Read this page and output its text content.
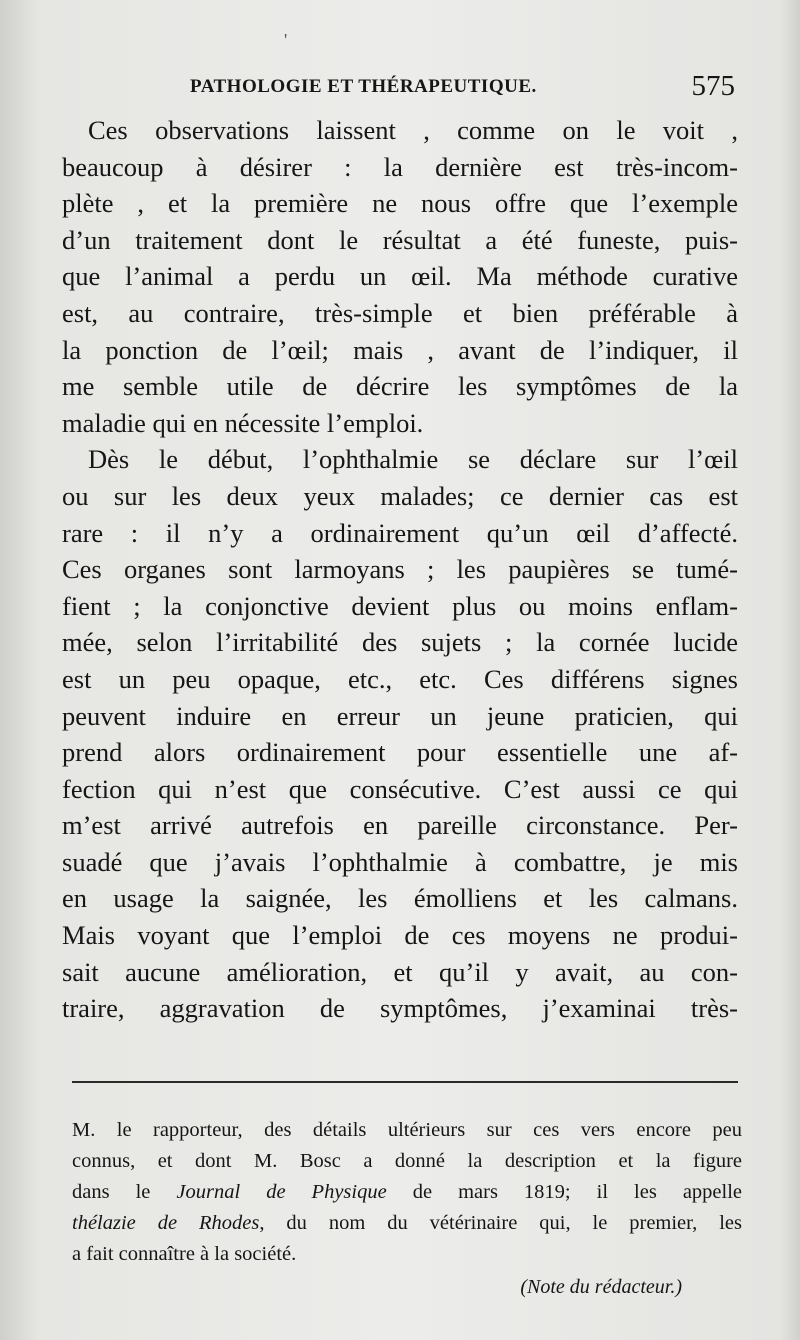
'
PATHOLOGIE ET THÉRAPEUTIQUE.	575
Ces observations laissent , comme on le voit ,
beaucoup à désirer : la dernière est très-incom-
plète , et la première ne nous offre que l’exemple
d’un traitement dont le résultat a été funeste, puis-
que l’animal a perdu un œil. Ma méthode curative
est, au contraire, très-simple et bien préférable à
la ponction de l’œil; mais , avant de l’indiquer, il
me semble utile de décrire les symptômes de la
maladie qui en nécessite l’emploi.
Dès le début, l’ophthalmie se déclare sur l’œil
ou sur les deux yeux malades; ce dernier cas est
rare : il n’y a ordinairement qu’un œil d’affecté.
Ces organes sont larmoyans ; les paupières se tumé-
fient ; la conjonctive devient plus ou moins enflam-
mée, selon l’irritabilité des sujets ; la cornée lucide
est un peu opaque, etc., etc. Ces différens signes
peuvent induire en erreur un jeune praticien, qui
prend alors ordinairement pour essentielle une af-
fection qui n’est que consécutive. C’est aussi ce qui
m’est arrivé autrefois en pareille circonstance. Per-
suadé que j’avais l’ophthalmie à combattre, je mis
en usage la saignée, les émolliens et les calmans.
Mais voyant que l’emploi de ces moyens ne produi-
sait aucune amélioration, et qu’il y avait, au con-
traire, aggravation de symptômes, j’examinai très-
M. le rapporteur, des détails ultérieurs sur ces vers encore peu
connus, et dont M. Bosc a donné la description et la figure
dans le Journal de Physique de mars 1819; il les appelle
thélazie de Rhodes, du nom du vétérinaire qui, le premier, les
a fait connaître à la société.
(Note du rédacteur.)
